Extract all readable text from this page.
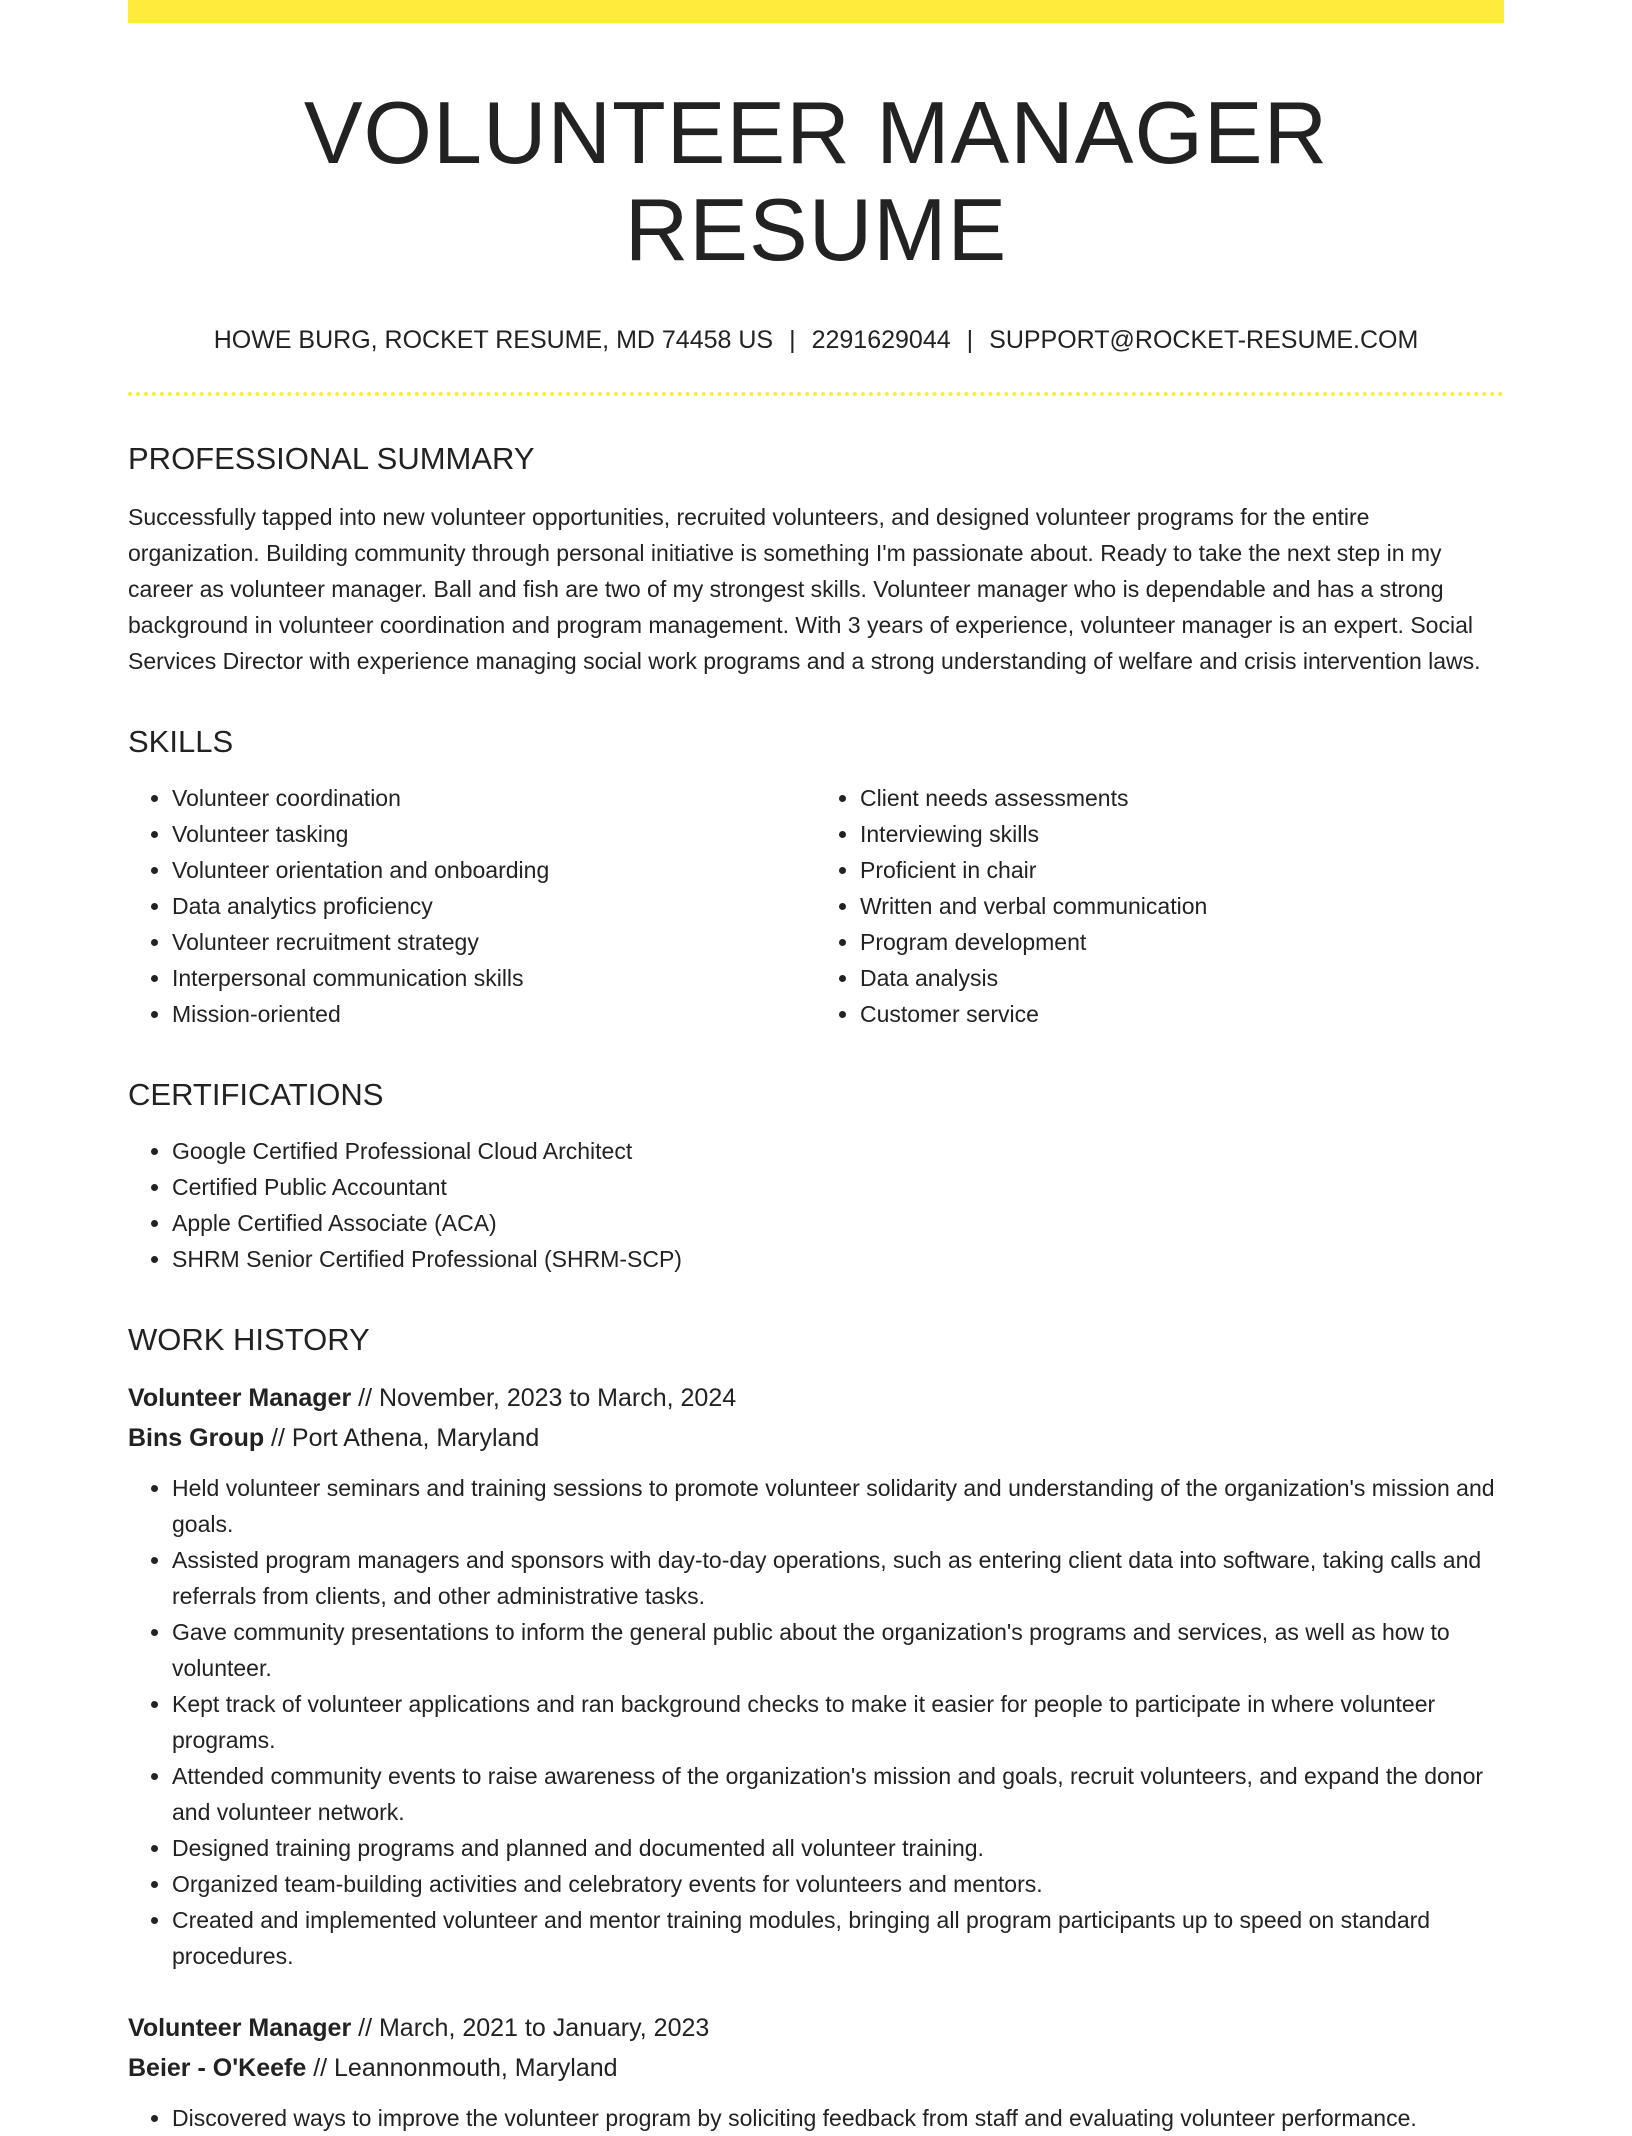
VOLUNTEER MANAGER RESUME
HOWE BURG, ROCKET RESUME, MD 74458 US | 2291629044 | SUPPORT@ROCKET-RESUME.COM
PROFESSIONAL SUMMARY
Successfully tapped into new volunteer opportunities, recruited volunteers, and designed volunteer programs for the entire organization. Building community through personal initiative is something I'm passionate about. Ready to take the next step in my career as volunteer manager. Ball and fish are two of my strongest skills. Volunteer manager who is dependable and has a strong background in volunteer coordination and program management. With 3 years of experience, volunteer manager is an expert. Social Services Director with experience managing social work programs and a strong understanding of welfare and crisis intervention laws.
SKILLS
• Volunteer coordination
• Volunteer tasking
• Volunteer orientation and onboarding
• Data analytics proficiency
• Volunteer recruitment strategy
• Interpersonal communication skills
• Mission-oriented
• Client needs assessments
• Interviewing skills
• Proficient in chair
• Written and verbal communication
• Program development
• Data analysis
• Customer service
CERTIFICATIONS
• Google Certified Professional Cloud Architect
• Certified Public Accountant
• Apple Certified Associate (ACA)
• SHRM Senior Certified Professional (SHRM-SCP)
WORK HISTORY
Volunteer Manager // November, 2023 to March, 2024
Bins Group // Port Athena, Maryland
• Held volunteer seminars and training sessions to promote volunteer solidarity and understanding of the organization's mission and goals.
• Assisted program managers and sponsors with day-to-day operations, such as entering client data into software, taking calls and referrals from clients, and other administrative tasks.
• Gave community presentations to inform the general public about the organization's programs and services, as well as how to volunteer.
• Kept track of volunteer applications and ran background checks to make it easier for people to participate in where volunteer programs.
• Attended community events to raise awareness of the organization's mission and goals, recruit volunteers, and expand the donor and volunteer network.
• Designed training programs and planned and documented all volunteer training.
• Organized team-building activities and celebratory events for volunteers and mentors.
• Created and implemented volunteer and mentor training modules, bringing all program participants up to speed on standard procedures.
Volunteer Manager // March, 2021 to January, 2023
Beier - O'Keefe // Leannonmouth, Maryland
• Discovered ways to improve the volunteer program by soliciting feedback from staff and evaluating volunteer performance.
